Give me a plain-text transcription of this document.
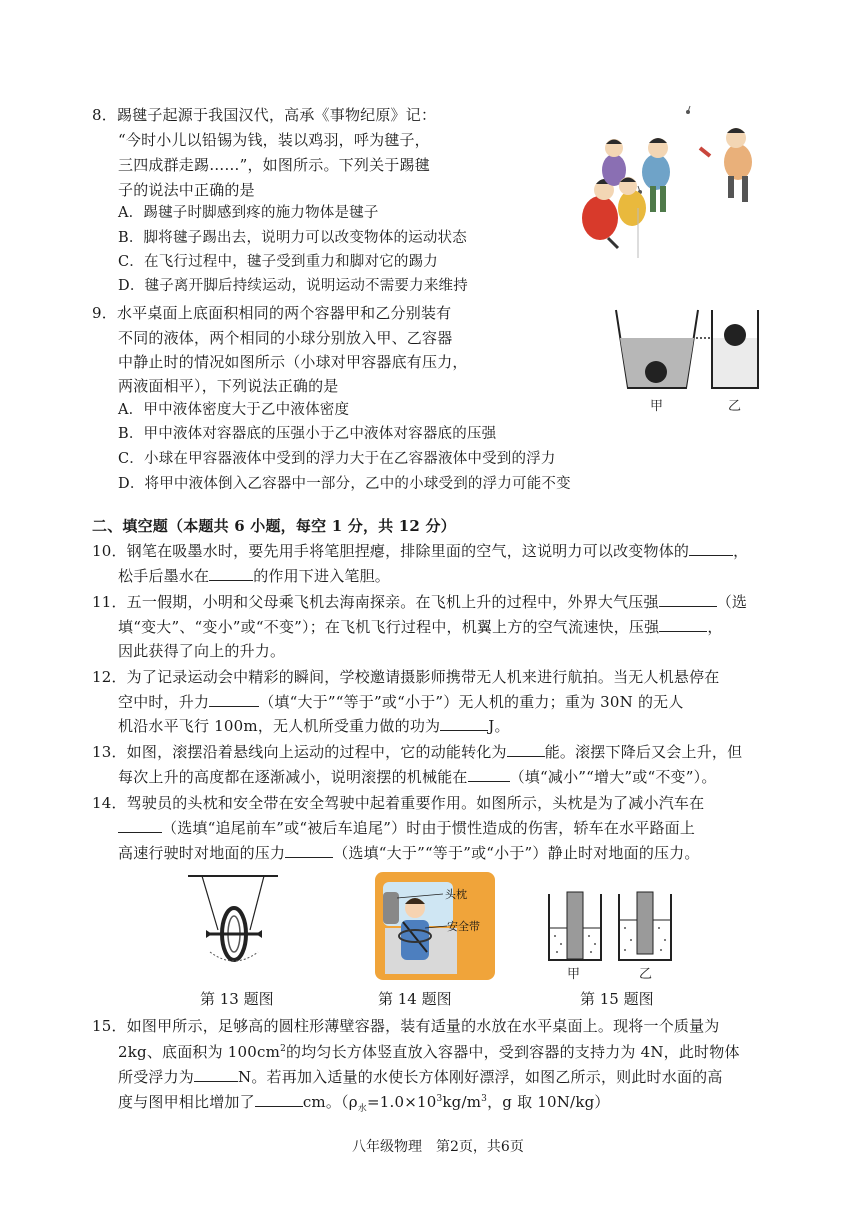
8．踢毽子起源于我国汉代，高承《事物纪原》记：
“今时小儿以铅锡为钱，装以鸡羽，呼为毽子，
三四成群走踢……”，如图所示。下列关于踢毽
子的说法中正确的是
A．踢毽子时脚感到疼的施力物体是毽子
B．脚将毽子踢出去，说明力可以改变物体的运动状态
C．在飞行过程中，毽子受到重力和脚对它的踢力
D．毽子离开脚后持续运动，说明运动不需要力来维持
9．水平桌面上底面积相同的两个容器甲和乙分别装有
不同的液体，两个相同的小球分别放入甲、乙容器
中静止时的情况如图所示（小球对甲容器底有压力，
两液面相平），下列说法正确的是
A．甲中液体密度大于乙中液体密度
B．甲中液体对容器底的压强小于乙中液体对容器底的压强
C．小球在甲容器液体中受到的浮力大于在乙容器液体中受到的浮力
D．将甲中液体倒入乙容器中一部分，乙中的小球受到的浮力可能不变
甲	乙
二、填空题（本题共 6 小题，每空 1 分，共 12 分）
10．钢笔在吸墨水时，要先用手将笔胆捏瘪，排除里面的空气，这说明力可以改变物体的	，
松手后墨水在	的作用下进入笔胆。
11．五一假期，小明和父母乘飞机去海南探亲。在飞机上升的过程中，外界大气压强	（选
填“变大”、“变小”或“不变”）；在飞机飞行过程中，机翼上方的空气流速快，压强	，
因此获得了向上的升力。
12．为了记录运动会中精彩的瞬间，学校邀请摄影师携带无人机来进行航拍。当无人机悬停在
空中时，升力	（填“大于”“等于”或“小于”）无人机的重力；重为 30N 的无人
机沿水平飞行 100m，无人机所受重力做的功为	J。
13．如图，滚摆沿着悬线向上运动的过程中，它的动能转化为	能。滚摆下降后又会上升，但
每次上升的高度都在逐渐减小，说明滚摆的机械能在	（填“减小”“增大”或“不变”）。
14．驾驶员的头枕和安全带在安全驾驶中起着重要作用。如图所示，头枕是为了减小汽车在
（选填“追尾前车”或“被后车追尾”）时由于惯性造成的伤害，轿车在水平路面上
高速行驶时对地面的压力	（选填“大于”“等于”或“小于”）静止时对地面的压力。
第 13 题图
头枕
安全带
第 14 题图
甲	乙
第 15 题图
15．如图甲所示，足够高的圆柱形薄壁容器，装有适量的水放在水平桌面上。现将一个质量为
2kg、底面积为 $100cm^2$的均匀长方体竖直放入容器中，受到容器的支持力为 4N，此时物体
所受浮力为	N。若再加入适量的水使长方体刚好漂浮，如图乙所示，则此时水面的高
度与图甲相比增加了	cm。（$\rho_水=1.0\times 10^3kg/m^3$，g 取 10N/kg）
八年级物理　第2页，共6页
